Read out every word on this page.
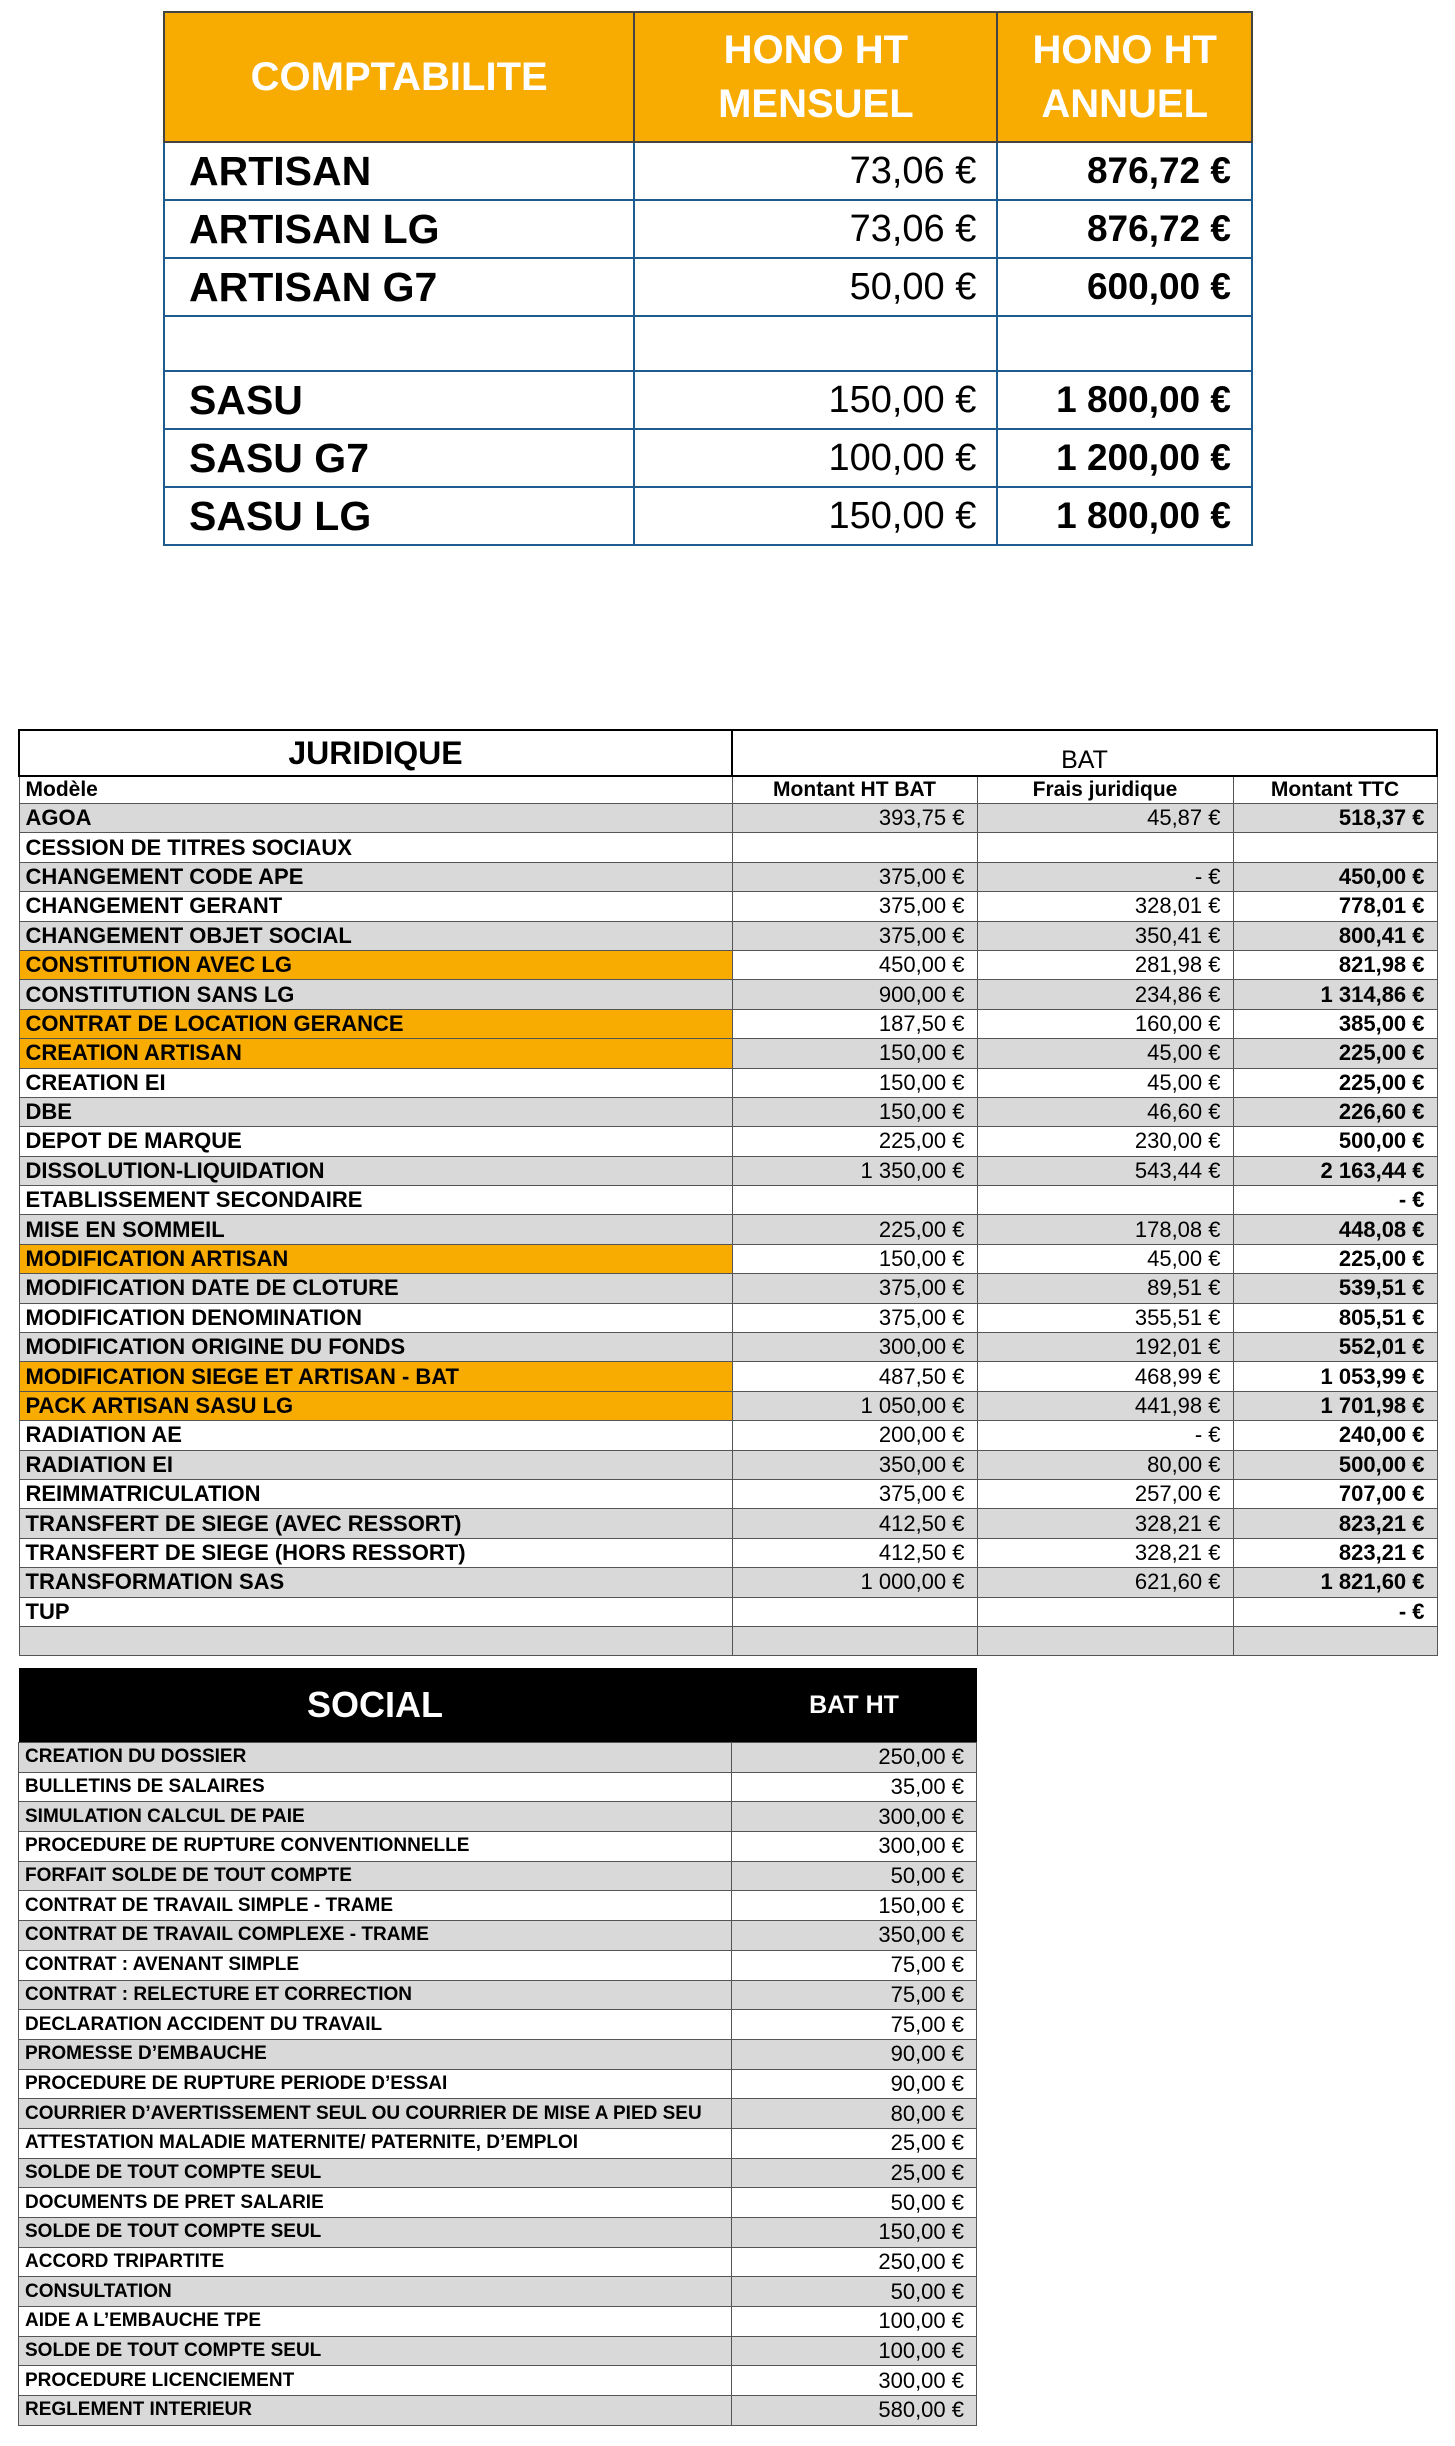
COMPTABILITE	HONO HT MENSUEL	HONO HT ANNUEL
ARTISAN	73,06 €	876,72 €
ARTISAN LG	73,06 €	876,72 €
ARTISAN G7	50,00 €	600,00 €

SASU	150,00 €	1 800,00 €
SASU G7	100,00 €	1 200,00 €
SASU LG	150,00 €	1 800,00 €
JURIDIQUE	BAT		
Modèle	Montant HT BAT	Frais juridique	Montant TTC
AGOA	393,75 €	45,87 €	518,37 €
CESSION DE TITRES SOCIAUX			
CHANGEMENT CODE APE	375,00 €	- €	450,00 €
CHANGEMENT GERANT	375,00 €	328,01 €	778,01 €
CHANGEMENT OBJET SOCIAL	375,00 €	350,41 €	800,41 €
CONSTITUTION AVEC LG	450,00 €	281,98 €	821,98 €
CONSTITUTION SANS LG	900,00 €	234,86 €	1 314,86 €
CONTRAT DE LOCATION GERANCE	187,50 €	160,00 €	385,00 €
CREATION ARTISAN	150,00 €	45,00 €	225,00 €
CREATION EI	150,00 €	45,00 €	225,00 €
DBE	150,00 €	46,60 €	226,60 €
DEPOT DE MARQUE	225,00 €	230,00 €	500,00 €
DISSOLUTION-LIQUIDATION	1 350,00 €	543,44 €	2 163,44 €
ETABLISSEMENT SECONDAIRE			- €
MISE EN SOMMEIL	225,00 €	178,08 €	448,08 €
MODIFICATION ARTISAN	150,00 €	45,00 €	225,00 €
MODIFICATION DATE DE CLOTURE	375,00 €	89,51 €	539,51 €
MODIFICATION DENOMINATION	375,00 €	355,51 €	805,51 €
MODIFICATION ORIGINE DU FONDS	300,00 €	192,01 €	552,01 €
MODIFICATION SIEGE ET ARTISAN - BAT	487,50 €	468,99 €	1 053,99 €
PACK ARTISAN SASU LG	1 050,00 €	441,98 €	1 701,98 €
RADIATION AE	200,00 €	- €	240,00 €
RADIATION EI	350,00 €	80,00 €	500,00 €
REIMMATRICULATION	375,00 €	257,00 €	707,00 €
TRANSFERT DE SIEGE (AVEC RESSORT)	412,50 €	328,21 €	823,21 €
TRANSFERT DE SIEGE (HORS RESSORT)	412,50 €	328,21 €	823,21 €
TRANSFORMATION SAS	1 000,00 €	621,60 €	1 821,60 €
TUP			- €

SOCIAL	BAT HT
CREATION DU DOSSIER	250,00 €
BULLETINS DE SALAIRES	35,00 €
SIMULATION CALCUL DE PAIE	300,00 €
PROCEDURE DE RUPTURE CONVENTIONNELLE	300,00 €
FORFAIT SOLDE DE TOUT COMPTE	50,00 €
CONTRAT DE TRAVAIL SIMPLE - TRAME	150,00 €
CONTRAT DE TRAVAIL COMPLEXE - TRAME	350,00 €
CONTRAT : AVENANT SIMPLE	75,00 €
CONTRAT : RELECTURE ET CORRECTION	75,00 €
DECLARATION ACCIDENT DU TRAVAIL	75,00 €
PROMESSE D’EMBAUCHE	90,00 €
PROCEDURE DE RUPTURE PERIODE D’ESSAI	90,00 €
COURRIER D’AVERTISSEMENT SEUL OU COURRIER DE MISE A PIED SEU	80,00 €
ATTESTATION MALADIE MATERNITE/ PATERNITE, D’EMPLOI	25,00 €
SOLDE DE TOUT COMPTE SEUL	25,00 €
DOCUMENTS DE PRET SALARIE	50,00 €
SOLDE DE TOUT COMPTE SEUL	150,00 €
ACCORD TRIPARTITE	250,00 €
CONSULTATION	50,00 €
AIDE A L’EMBAUCHE TPE	100,00 €
SOLDE DE TOUT COMPTE SEUL	100,00 €
PROCEDURE LICENCIEMENT	300,00 €
REGLEMENT INTERIEUR	580,00 €
